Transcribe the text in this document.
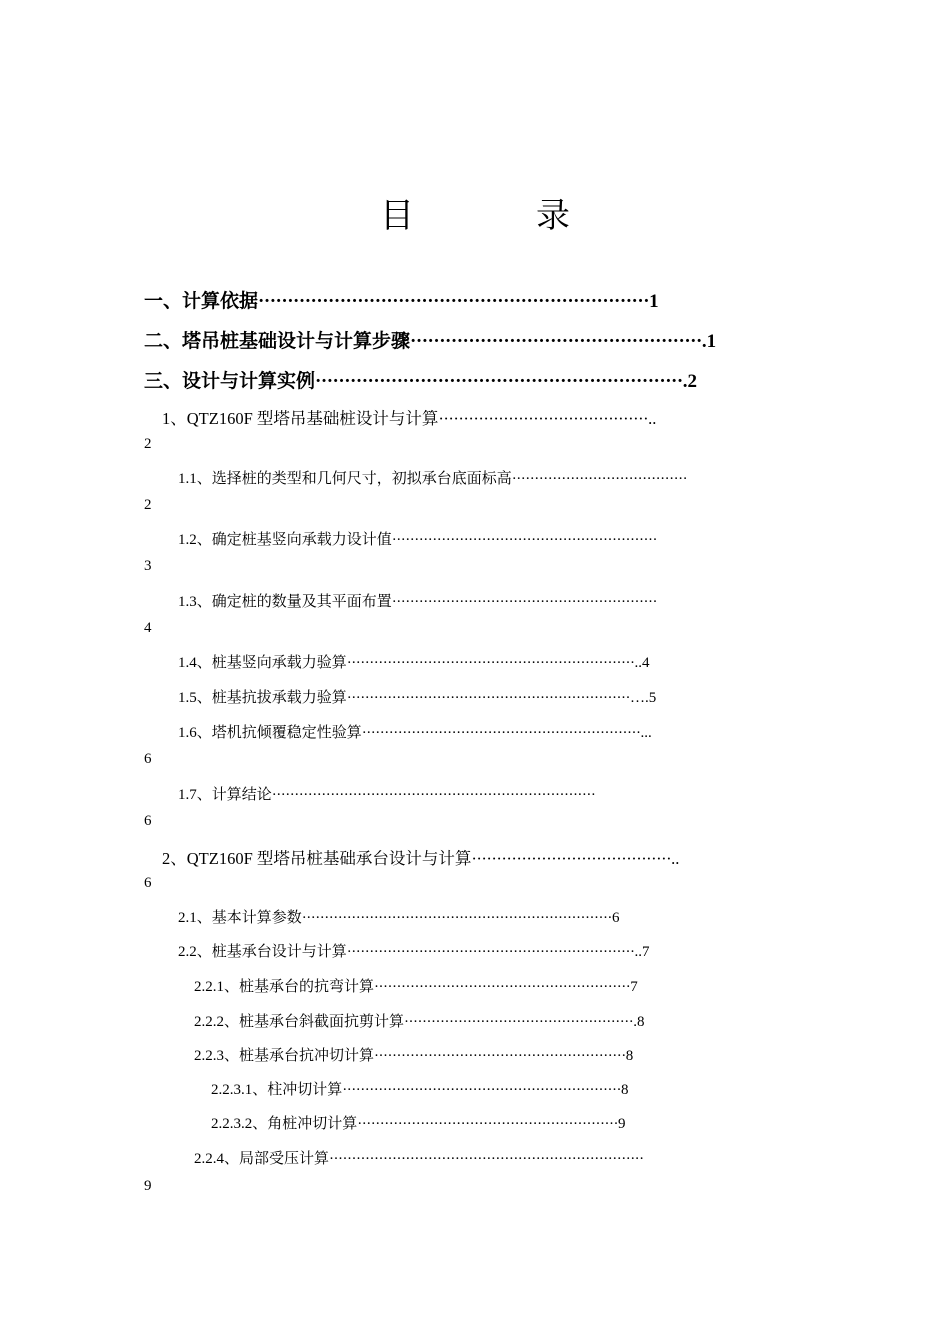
目　录
一、计算依据···································································1
二、塔吊桩基础设计与计算步骤··················································.1
三、设计与计算实例·······························································.2
1、QTZ160F 型塔吊基础桩设计与计算··········································..
2
1.1、选择桩的类型和几何尺寸，初拟承台底面标高·······································
2
1.2、确定桩基竖向承载力设计值···························································
3
1.3、确定桩的数量及其平面布置···························································
4
1.4、桩基竖向承载力验算································································..4
1.5、桩基抗拔承载力验算·······························································….5
1.6、塔机抗倾覆稳定性验算······························································...
6
1.7、计算结论········································································
6
2、QTZ160F 型塔吊桩基础承台设计与计算········································..
6
2.1、基本计算参数·····································································6
2.2、桩基承台设计与计算································································..7
2.2.1、桩基承台的抗弯计算·························································7
2.2.2、桩基承台斜截面抗剪计算···················································.8
2.2.3、桩基承台抗冲切计算························································8
2.2.3.1、柱冲切计算······························································8
2.2.3.2、角桩冲切计算··························································9
2.2.4、局部受压计算······································································
9
